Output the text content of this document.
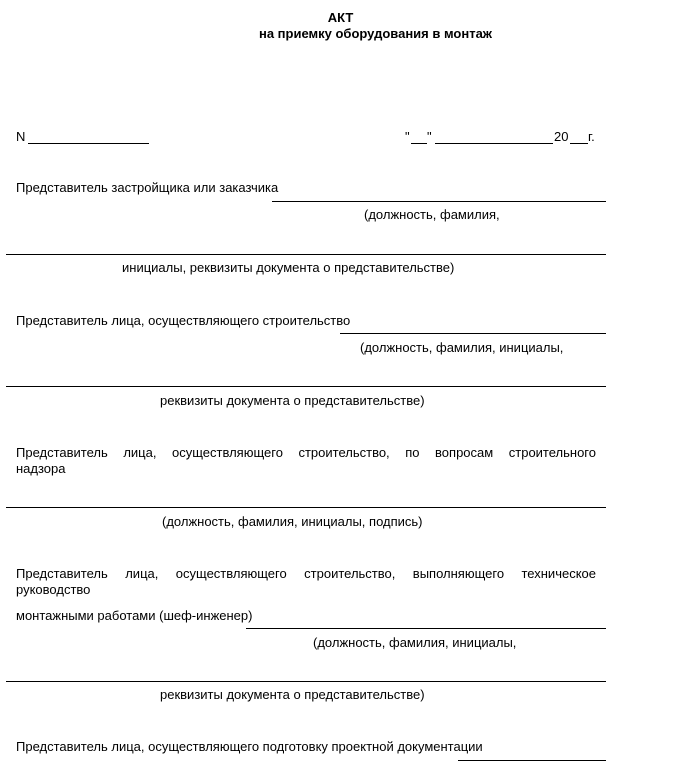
АКТ
на приемку оборудования в монтаж
N	" "	20 г.
Представитель застройщика или заказчика
(должность, фамилия,
инициалы, реквизиты документа о представительстве)
Представитель лица, осуществляющего строительство
(должность, фамилия, инициалы,
реквизиты документа о представительстве)
Представитель лица, осуществляющего строительство, по вопросам строительного
надзора
(должность, фамилия, инициалы, подпись)
Представитель лица, осуществляющего строительство, выполняющего техническое
руководство
монтажными работами (шеф-инженер)
(должность, фамилия, инициалы,
реквизиты документа о представительстве)
Представитель лица, осуществляющего подготовку проектной документации
